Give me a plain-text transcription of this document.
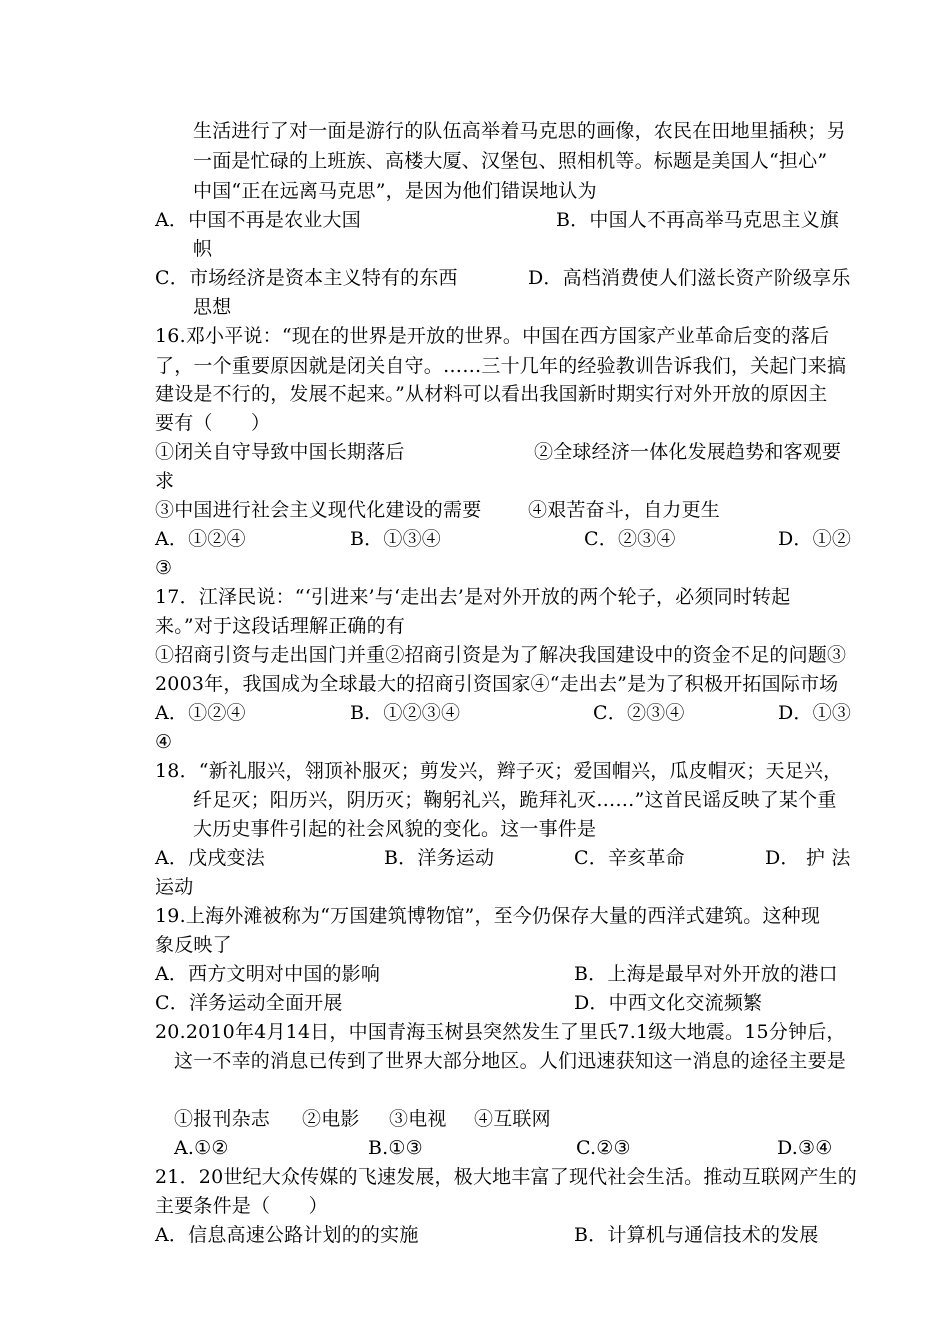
生活进行了对一面是游行的队伍高举着马克思的画像，农民在田地里插秧；另
一面是忙碌的上班族、高楼大厦、汉堡包、照相机等。标题是美国人“担心”
中国“正在远离马克思”，是因为他们错误地认为
A．中国不再是农业大国	B．中国人不再高举马克思主义旗
帜
C．市场经济是资本主义特有的东西	D．高档消费使人们滋长资产阶级享乐
思想
16.邓小平说：“现在的世界是开放的世界。中国在西方国家产业革命后变的落后
了，一个重要原因就是闭关自守。……三十几年的经验教训告诉我们，关起门来搞
建设是不行的，发展不起来。”从材料可以看出我国新时期实行对外开放的原因主
要有（　　）
①闭关自守导致中国长期落后	②全球经济一体化发展趋势和客观要
求
③中国进行社会主义现代化建设的需要 ④艰苦奋斗，自力更生
A．①②④	B．①③④	C．②③④	D．①②
③
17．江泽民说：“‘引进来’与‘走出去’是对外开放的两个轮子，必须同时转起
来。”对于这段话理解正确的有
①招商引资与走出国门并重②招商引资是为了解决我国建设中的资金不足的问题③
2003年，我国成为全球最大的招商引资国家④“走出去”是为了积极开拓国际市场
A．①②④	B．①②③④	C．②③④	D．①③
④
18．“新礼服兴，翎顶补服灭；剪发兴，辫子灭；爱国帽兴，瓜皮帽灭；天足兴，
纤足灭；阳历兴，阴历灭；鞠躬礼兴，跪拜礼灭……”这首民谣反映了某个重
大历史事件引起的社会风貌的变化。这一事件是
A．戊戌变法	B．洋务运动	C．辛亥革命	D． 护 法
运动
19.上海外滩被称为“万国建筑博物馆”，至今仍保存大量的西洋式建筑。这种现
象反映了
A．西方文明对中国的影响	B．上海是最早对外开放的港口
C．洋务运动全面开展	D．中西文化交流频繁
20.2010年4月14日，中国青海玉树县突然发生了里氏7.1级大地震。15分钟后，
这一不幸的消息已传到了世界大部分地区。人们迅速获知这一消息的途径主要是
①报刊杂志 ②电影 ③电视 ④互联网
A.①②	B.①③	C.②③	D.③④
21．20世纪大众传媒的飞速发展，极大地丰富了现代社会生活。推动互联网产生的
主要条件是（　　）
A．信息高速公路计划的的实施	B．计算机与通信技术的发展
